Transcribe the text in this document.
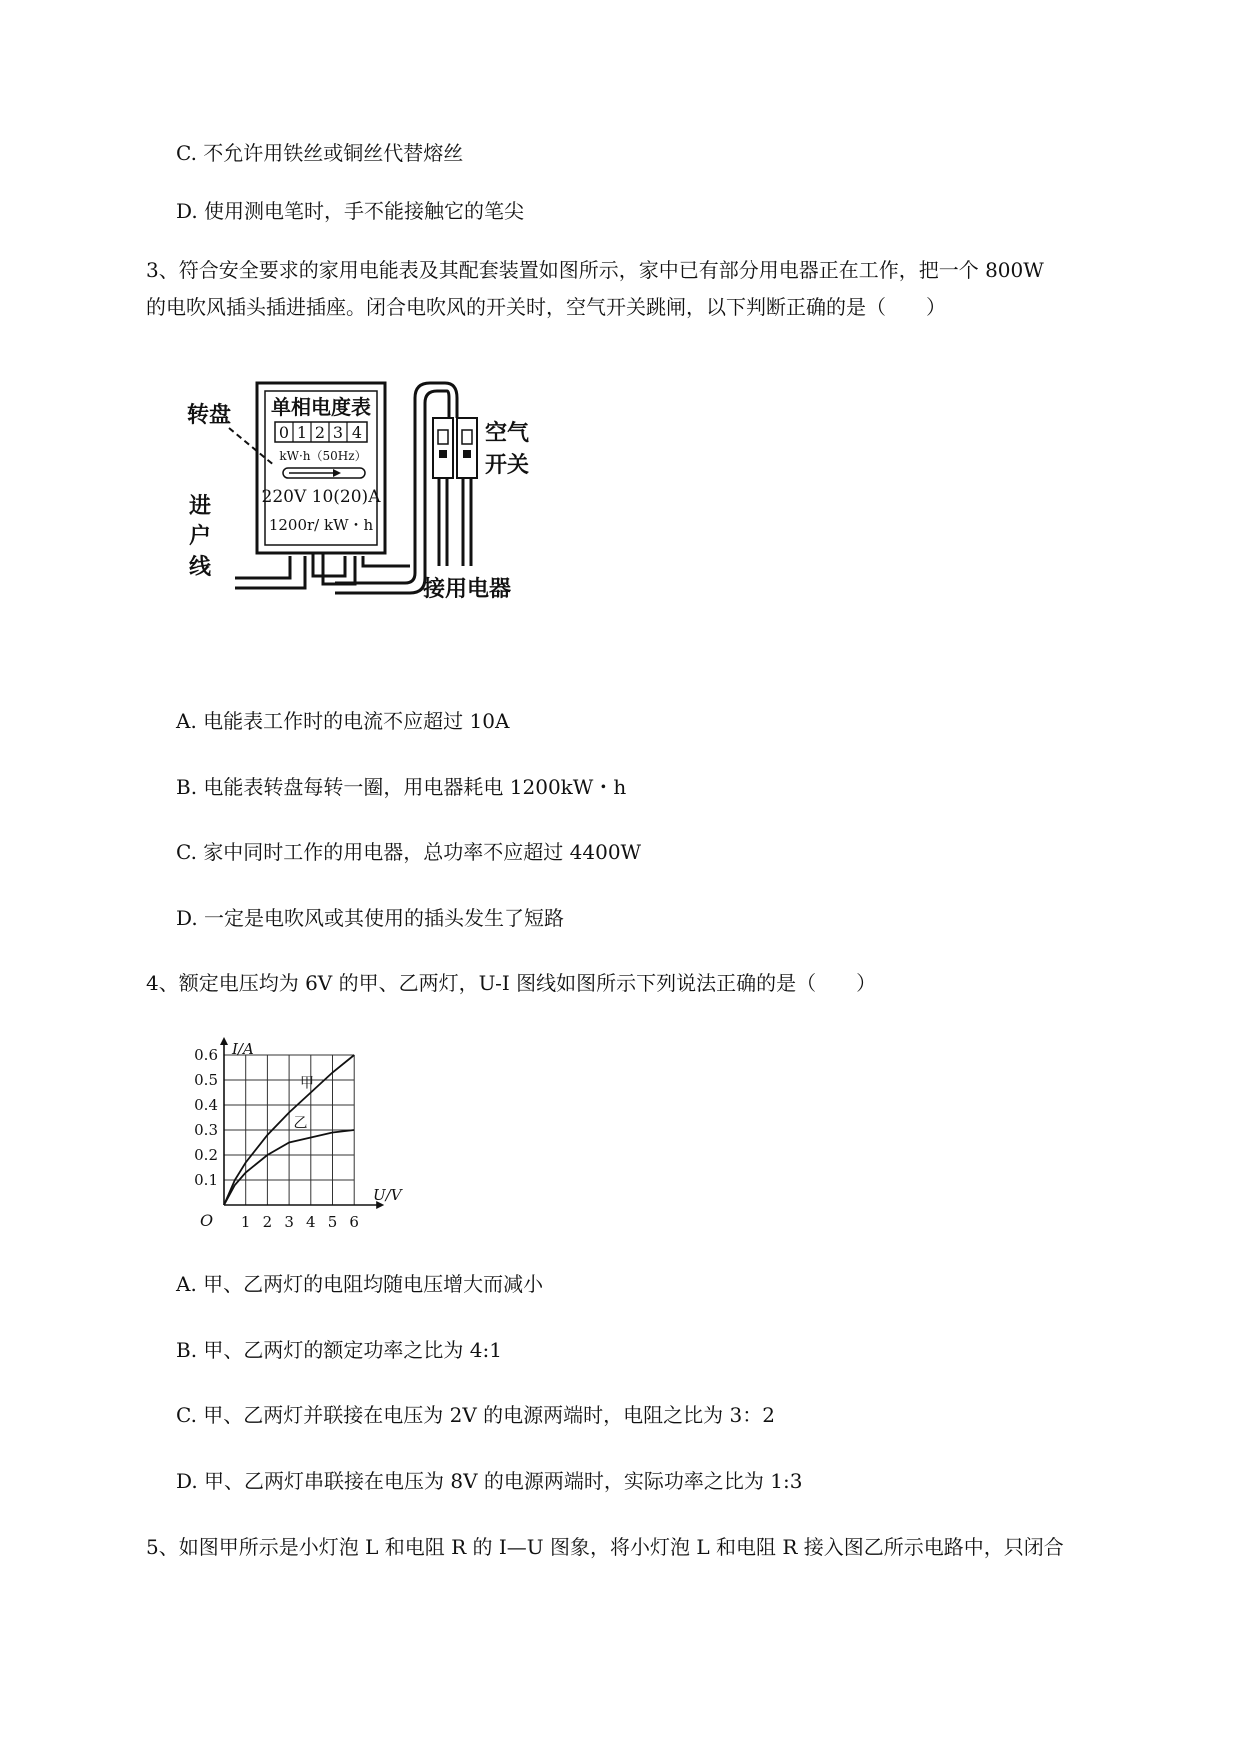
C. 不允许用铁丝或铜丝代替熔丝
D. 使用测电笔时，手不能接触它的笔尖
3、符合安全要求的家用电能表及其配套装置如图所示，家中已有部分用电器正在工作，把一个 800W
的电吹风插头插进插座。闭合电吹风的开关时，空气开关跳闸，以下判断正确的是（　　）
单相电度表
0 1 2 3 4
kW·h（50Hz）
220V 10(20)A
1200r/ kW・h
转盘
进
户
线
空气
开关
接用电器
A. 电能表工作时的电流不应超过 10A
B. 电能表转盘每转一圈，用电器耗电 1200kW・h
C. 家中同时工作的用电器，总功率不应超过 4400W
D. 一定是电吹风或其使用的插头发生了短路
4、额定电压均为 6V 的甲、乙两灯，U-I 图线如图所示下列说法正确的是（　　）
1 2 3 4 5 6
0.1
0.2
0.3
0.4
0.5
0.6 I/A
U/V
O
甲
乙
A. 甲、乙两灯的电阻均随电压增大而减小
B. 甲、乙两灯的额定功率之比为 4:1
C. 甲、乙两灯并联接在电压为 2V 的电源两端时，电阻之比为 3：2
D. 甲、乙两灯串联接在电压为 8V 的电源两端时，实际功率之比为 1:3
5、如图甲所示是小灯泡 L 和电阻 R 的 I—U 图象，将小灯泡 L 和电阻 R 接入图乙所示电路中，只闭合
